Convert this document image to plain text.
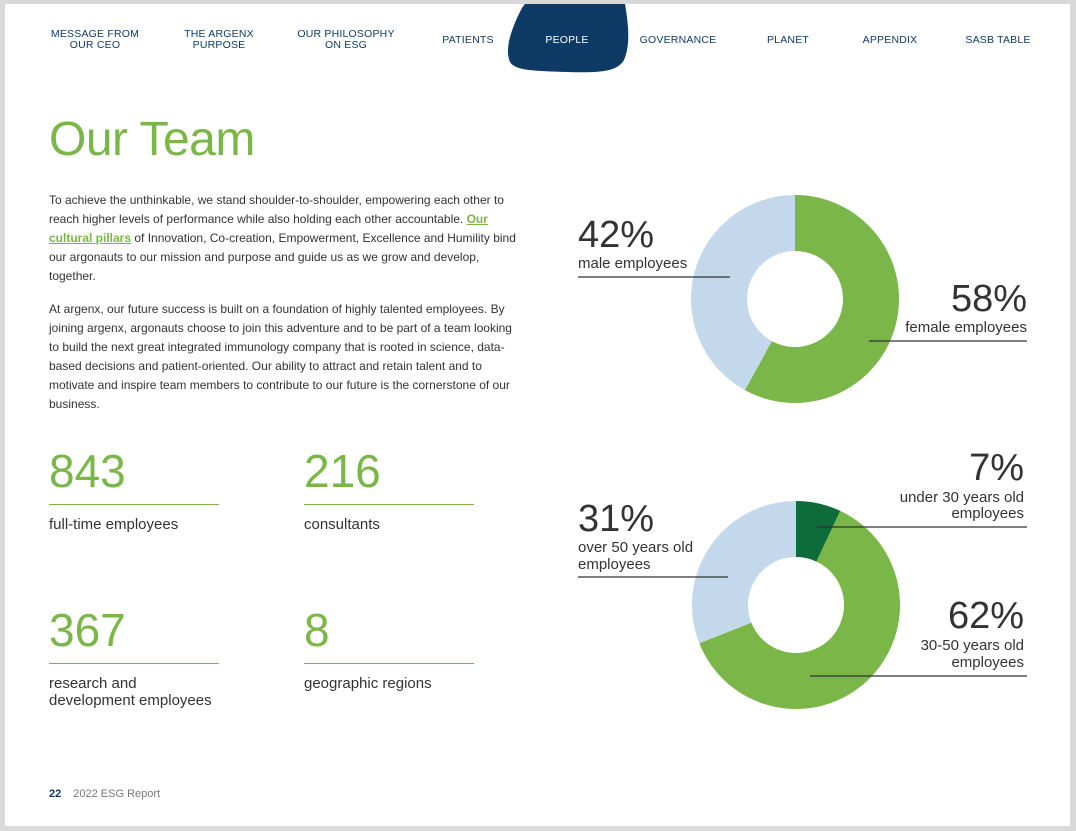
MESSAGE FROM
OUR CEO
THE ARGENX
PURPOSE
OUR PHILOSOPHY
ON ESG	PATIENTS	PEOPLE	GOVERNANCE	PLANET	APPENDIX	SASB TABLE
Our Team

To achieve the unthinkable, we stand shoulder-to-shoulder, empowering each other to reach higher levels of performance while also holding each other accountable. Our cultural pillars of Innovation, Co-creation, Empowerment, Excellence and Humility bind our argonauts to our mission and purpose and guide us as we grow and develop, together.

At argenx, our future success is built on a foundation of highly talented employees. By joining argenx, argonauts choose to join this adventure and to be part of a team looking to build the next great integrated immunology company that is rooted in science, data-based decisions and patient-oriented. Our ability to attract and retain talent and to motivate and inspire team members to contribute to our future is the cornerstone of our business.

843
full-time employees
216
consultants
367
research and
development employees
8
geographic regions
42%
male employees
58%
female employees
7%
under 30 years old
employees
31%
over 50 years old
employees
62%
30-50 years old
employees
22 2022 ESG Report
